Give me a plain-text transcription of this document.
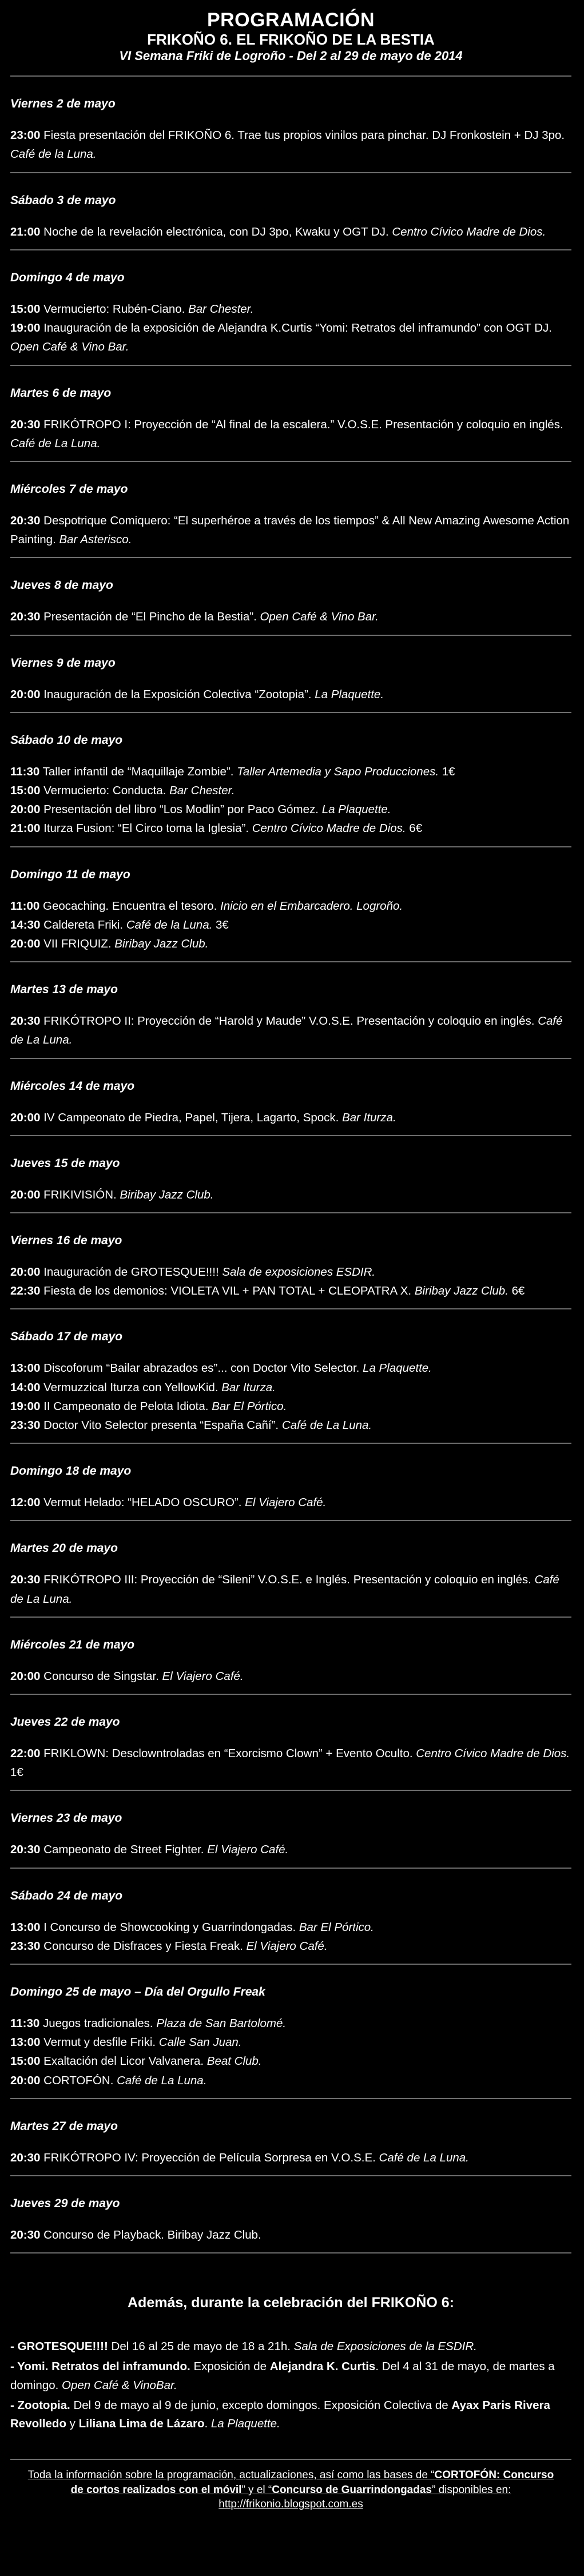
PROGRAMACIÓN
FRIKOÑO 6. EL FRIKOÑO DE LA BESTIA
VI Semana Friki de Logroño - Del 2 al 29 de mayo de 2014
Viernes 2 de mayo

23:00 Fiesta presentación del FRIKOÑO 6. Trae tus propios vinilos para pinchar. DJ Fronkostein + DJ 3po. Café de la Luna.

Sábado 3 de mayo

21:00 Noche de la revelación electrónica, con DJ 3po, Kwaku y OGT DJ. Centro Cívico Madre de Dios.

Domingo 4 de mayo

15:00 Vermucierto: Rubén-Ciano. Bar Chester.

19:00 Inauguración de la exposición de Alejandra K.Curtis “Yomi: Retratos del inframundo” con OGT DJ. Open Café & Vino Bar.

Martes 6 de mayo

20:30 FRIKÓTROPO I: Proyección de “Al final de la escalera.” V.O.S.E. Presentación y coloquio en inglés. Café de La Luna.

Miércoles 7 de mayo

20:30 Despotrique Comiquero: “El superhéroe a través de los tiempos” & All New Amazing Awesome Action Painting. Bar Asterisco.

Jueves 8 de mayo

20:30 Presentación de “El Pincho de la Bestia”. Open Café & Vino Bar.

Viernes 9 de mayo

20:00 Inauguración de la Exposición Colectiva “Zootopia”. La Plaquette.

Sábado 10 de mayo

11:30 Taller infantil de “Maquillaje Zombie”. Taller Artemedia y Sapo Producciones. 1€

15:00 Vermucierto: Conducta. Bar Chester.

20:00 Presentación del libro “Los Modlin” por Paco Gómez. La Plaquette.

21:00 Iturza Fusion: “El Circo toma la Iglesia”. Centro Cívico Madre de Dios. 6€

Domingo 11 de mayo

11:00 Geocaching. Encuentra el tesoro. Inicio en el Embarcadero. Logroño.

14:30 Caldereta Friki. Café de la Luna. 3€

20:00 VII FRIQUIZ. Biribay Jazz Club.

Martes 13 de mayo

20:30 FRIKÓTROPO II: Proyección de “Harold y Maude” V.O.S.E. Presentación y coloquio en inglés. Café de La Luna.

Miércoles 14 de mayo

20:00 IV Campeonato de Piedra, Papel, Tijera, Lagarto, Spock. Bar Iturza.

Jueves 15 de mayo

20:00 FRIKIVISIÓN. Biribay Jazz Club.

Viernes 16 de mayo

20:00 Inauguración de GROTESQUE!!!! Sala de exposiciones ESDIR.

22:30 Fiesta de los demonios: VIOLETA VIL + PAN TOTAL + CLEOPATRA X. Biribay Jazz Club. 6€

Sábado 17 de mayo

13:00 Discoforum “Bailar abrazados es”... con Doctor Vito Selector. La Plaquette.

14:00 Vermuzzical Iturza con YellowKid. Bar Iturza.

19:00 II Campeonato de Pelota Idiota. Bar El Pórtico.

23:30 Doctor Vito Selector presenta “España Cañí”. Café de La Luna.

Domingo 18 de mayo

12:00 Vermut Helado: “HELADO OSCURO”. El Viajero Café.

Martes 20 de mayo

20:30 FRIKÓTROPO III: Proyección de “Sileni” V.O.S.E. e Inglés. Presentación y coloquio en inglés. Café de La Luna.

Miércoles 21 de mayo

20:00 Concurso de Singstar. El Viajero Café.

Jueves 22 de mayo

22:00 FRIKLOWN: Desclowntroladas en “Exorcismo Clown” + Evento Oculto. Centro Cívico Madre de Dios. 1€

Viernes 23 de mayo

20:30 Campeonato de Street Fighter. El Viajero Café.

Sábado 24 de mayo

13:00 I Concurso de Showcooking y Guarrindongadas. Bar El Pórtico.

23:30 Concurso de Disfraces y Fiesta Freak. El Viajero Café.

Domingo 25 de mayo – Día del Orgullo Freak

11:30 Juegos tradicionales. Plaza de San Bartolomé.

13:00 Vermut y desfile Friki. Calle San Juan.

15:00 Exaltación del Licor Valvanera. Beat Club.

20:00 CORTOFÓN. Café de La Luna.

Martes 27 de mayo

20:30 FRIKÓTROPO IV: Proyección de Película Sorpresa en V.O.S.E. Café de La Luna.

Jueves 29 de mayo

20:30 Concurso de Playback. Biribay Jazz Club.

Además, durante la celebración del FRIKOÑO 6:
- GROTESQUE!!!! Del 16 al 25 de mayo de 18 a 21h. Sala de Exposiciones de la ESDIR.
- Yomi. Retratos del inframundo. Exposición de Alejandra K. Curtis. Del 4 al 31 de mayo, de martes a domingo. Open Café & VinoBar.
- Zootopia. Del 9 de mayo al 9 de junio, excepto domingos. Exposición Colectiva de Ayax Paris Rivera Revolledo y Liliana Lima de Lázaro. La Plaquette.
Toda la información sobre la programación, actualizaciones, así como las bases de “CORTOFÓN: Concurso de cortos realizados con el móvil” y el “Concurso de Guarrindongadas” disponibles en: http://frikonio.blogspot.com.es
